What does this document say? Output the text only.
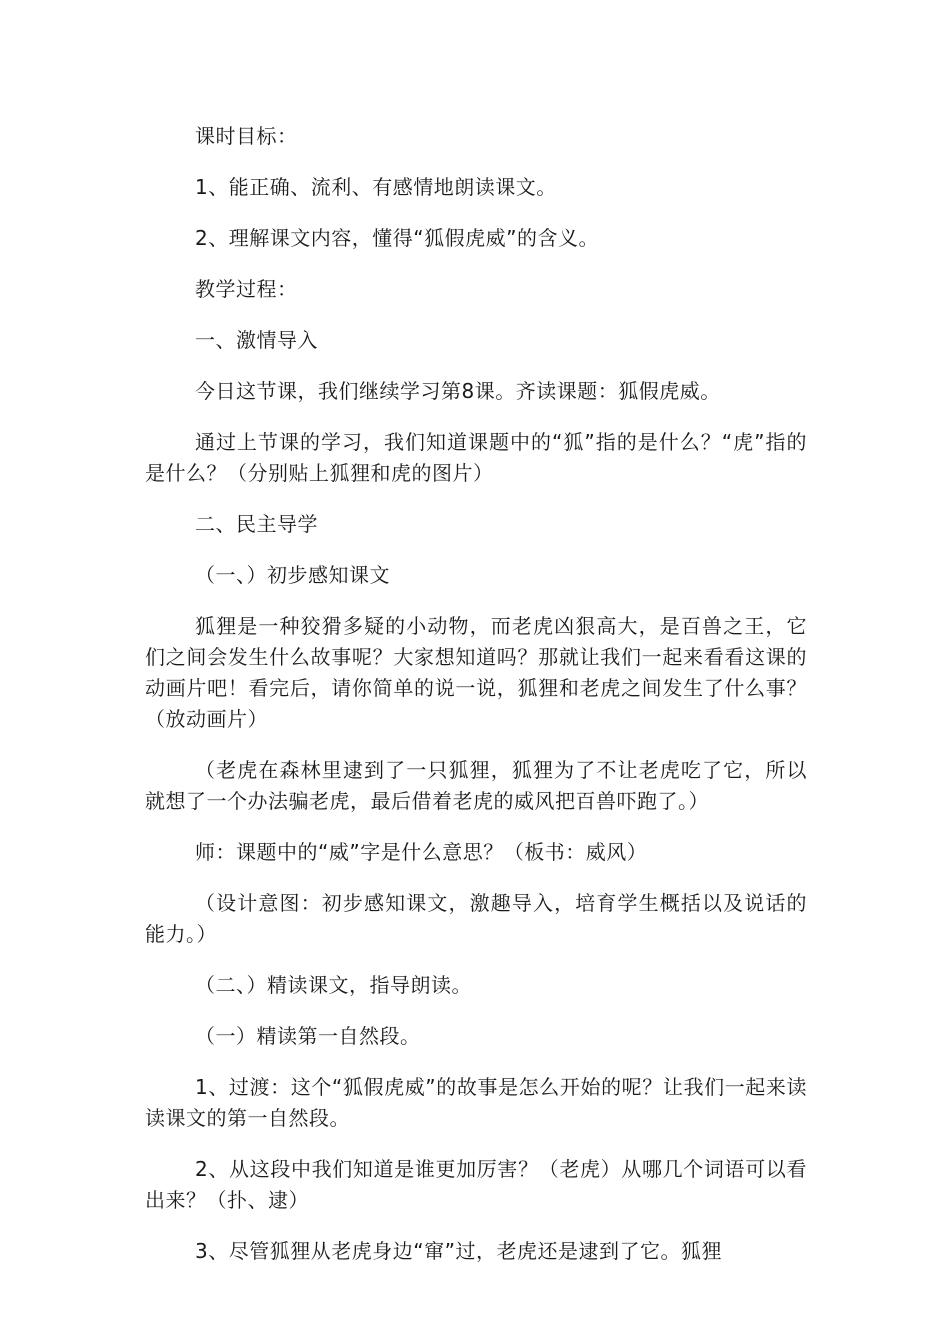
课时目标：

1、能正确、流利、有感情地朗读课文。

2、理解课文内容，懂得“狐假虎威”的含义。

教学过程：

一、激情导入

今日这节课，我们继续学习第8课。齐读课题：狐假虎威。

通过上节课的学习，我们知道课题中的“狐”指的是什么？“虎”指的是什么？（分别贴上狐狸和虎的图片）

二、民主导学

（一、）初步感知课文

狐狸是一种狡猾多疑的小动物，而老虎凶狠高大，是百兽之王，它们之间会发生什么故事呢？大家想知道吗？那就让我们一起来看看这课的动画片吧！看完后，请你简单的说一说，狐狸和老虎之间发生了什么事？（放动画片）

（老虎在森林里逮到了一只狐狸，狐狸为了不让老虎吃了它，所以就想了一个办法骗老虎，最后借着老虎的威风把百兽吓跑了。）

师：课题中的“威”字是什么意思？（板书：威风）

（设计意图：初步感知课文，激趣导入，培育学生概括以及说话的能力。）

（二、）精读课文，指导朗读。

（一）精读第一自然段。

1、过渡：这个“狐假虎威”的故事是怎么开始的呢？让我们一起来读读课文的第一自然段。

2、从这段中我们知道是谁更加厉害？（老虎）从哪几个词语可以看出来？（扑、逮）

3、尽管狐狸从老虎身边“窜”过，老虎还是逮到了它。狐狸
